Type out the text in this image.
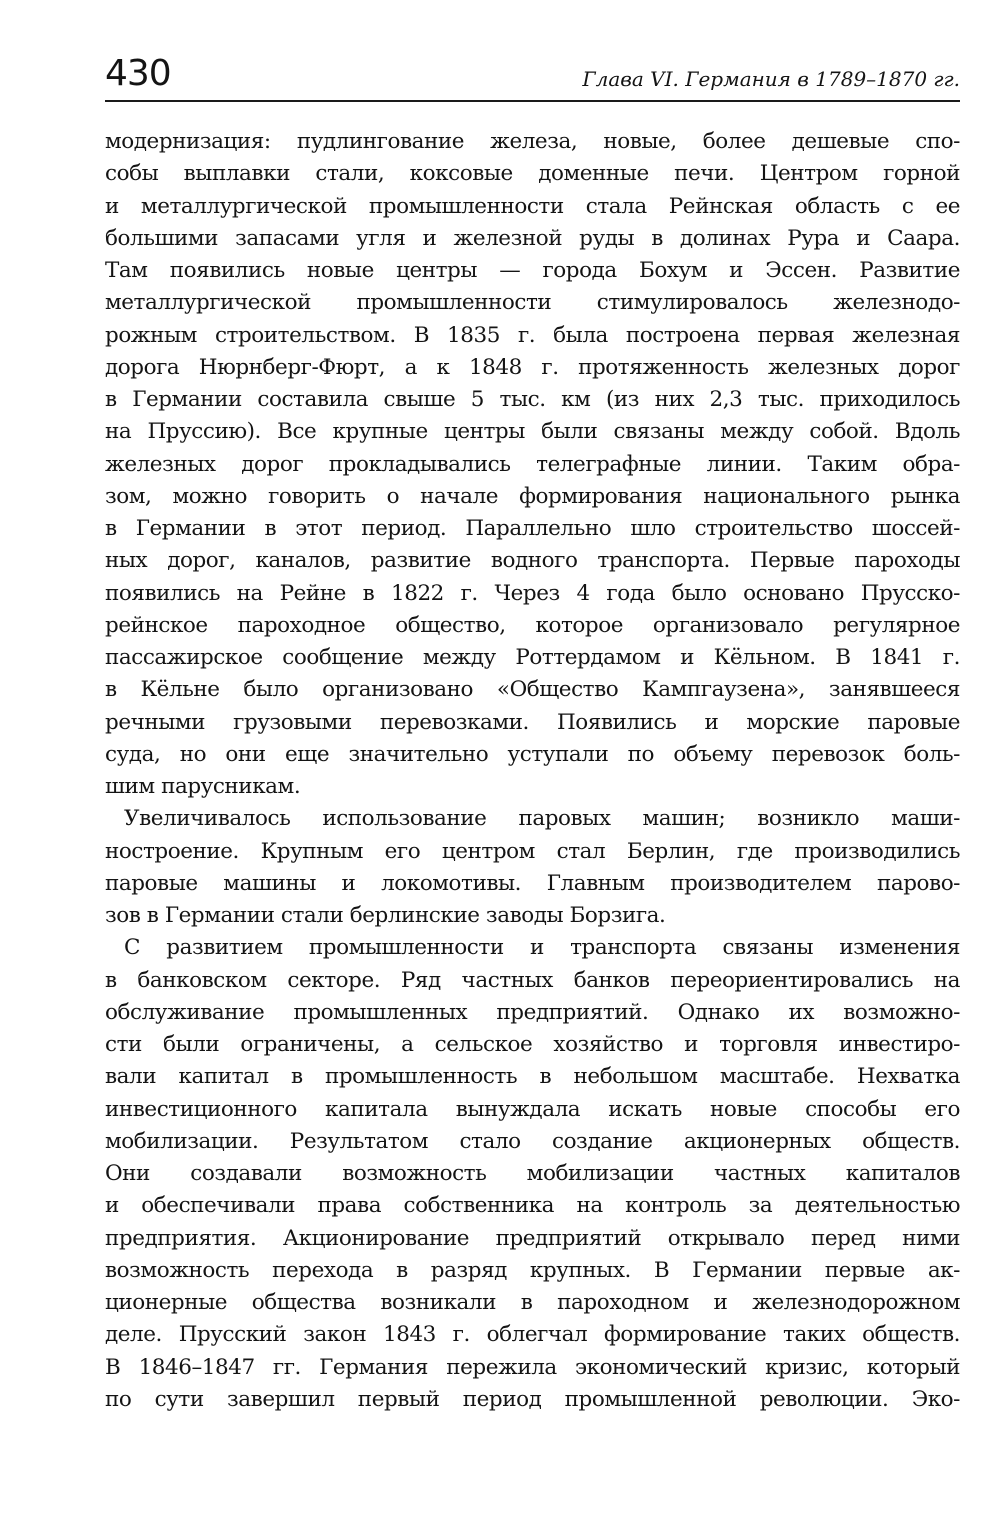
430	Глава VI. Германия в 1789–1870 гг.
модернизация: пудлингование железа, новые, более дешевые спо-
собы выплавки стали, коксовые доменные печи. Центром горной
и металлургической промышленности стала Рейнская область с ее
большими запасами угля и железной руды в долинах Рура и Саара.
Там появились новые центры — города Бохум и Эссен. Развитие
металлургической промышленности стимулировалось железнодо-
рожным строительством. В 1835 г. была построена первая железная
дорога Нюрнберг-Фюрт, а к 1848 г. протяженность железных дорог
в Германии составила свыше 5 тыс. км (из них 2,3 тыс. приходилось
на Пруссию). Все крупные центры были связаны между собой. Вдоль
железных дорог прокладывались телеграфные линии. Таким обра-
зом, можно говорить о начале формирования национального рынка
в Германии в этот период. Параллельно шло строительство шоссей-
ных дорог, каналов, развитие водного транспорта. Первые пароходы
появились на Рейне в 1822 г. Через 4 года было основано Прусско-
рейнское пароходное общество, которое организовало регулярное
пассажирское сообщение между Роттердамом и Кёльном. В 1841 г.
в Кёльне было организовано «Общество Кампгаузена», занявшееся
речными грузовыми перевозками. Появились и морские паровые
суда, но они еще значительно уступали по объему перевозок боль-
шим парусникам.
Увеличивалось использование паровых машин; возникло маши-
ностроение. Крупным его центром стал Берлин, где производились
паровые машины и локомотивы. Главным производителем парово-
зов в Германии стали берлинские заводы Борзига.
С развитием промышленности и транспорта связаны изменения
в банковском секторе. Ряд частных банков переориентировались на
обслуживание промышленных предприятий. Однако их возможно-
сти были ограничены, а сельское хозяйство и торговля инвестиро-
вали капитал в промышленность в небольшом масштабе. Нехватка
инвестиционного капитала вынуждала искать новые способы его
мобилизации. Результатом стало создание акционерных обществ.
Они создавали возможность мобилизации частных капиталов
и обеспечивали права собственника на контроль за деятельностью
предприятия. Акционирование предприятий открывало перед ними
возможность перехода в разряд крупных. В Германии первые ак-
ционерные общества возникали в пароходном и железнодорожном
деле. Прусский закон 1843 г. облегчал формирование таких обществ.
В 1846–1847 гг. Германия пережила экономический кризис, который
по сути завершил первый период промышленной революции. Эко-
